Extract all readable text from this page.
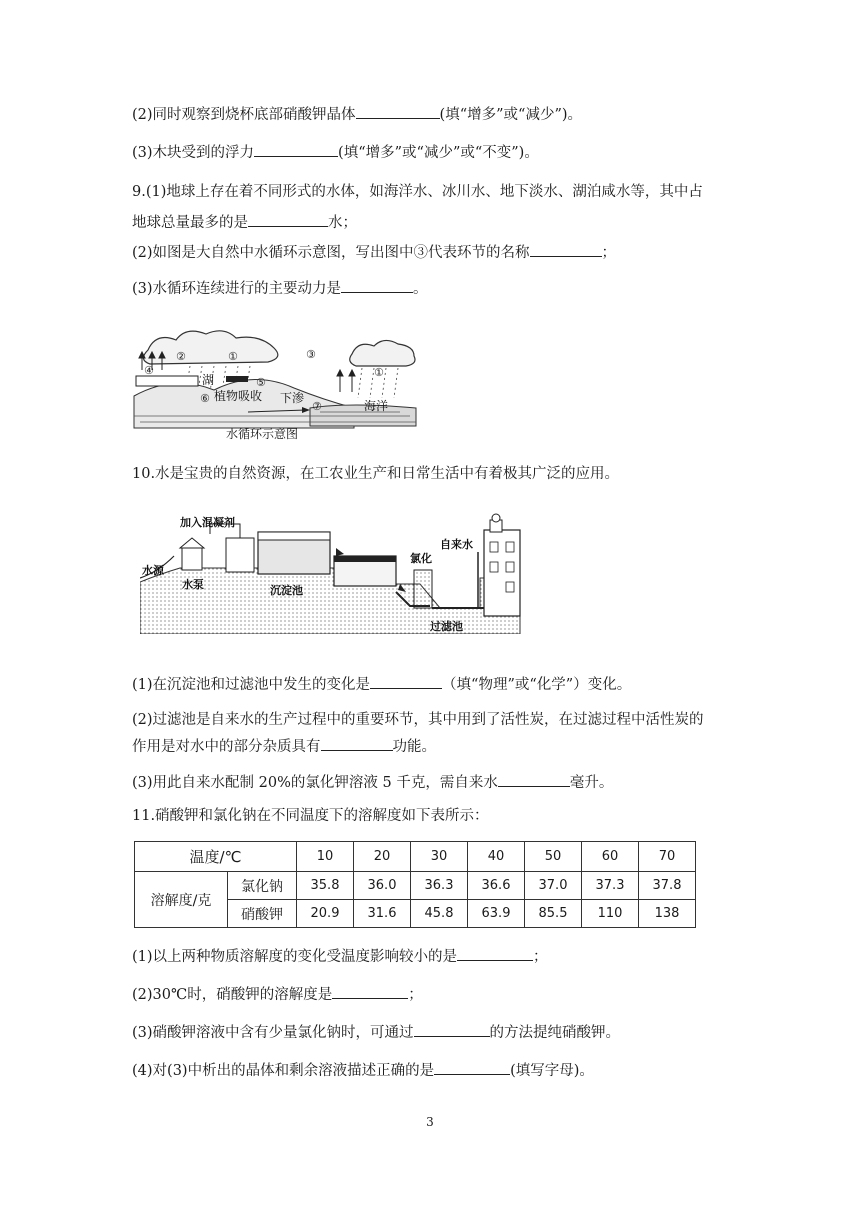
(2)同时观察到烧杯底部硝酸钾晶体	(填“增多”或“减少”)。
(3)木块受到的浮力	(填“增多”或“减少”或“不变”)。
9.(1)地球上存在着不同形式的水体，如海洋水、冰川水、地下淡水、湖泊咸水等，其中占
地球总量最多的是	水；
(2)如图是大自然中水循环示意图，写出图中③代表环节的名称	；
(3)水循环连续进行的主要动力是	。
②	①	③
①
④
⑤
⑥
⑦
湖
植物吸收 下渗
海洋
水循环示意图
10.水是宝贵的自然资源，在工农业生产和日常生活中有着极其广泛的应用。
加入混凝剂
水源
水泵	沉淀池
氯化
自来水
过滤池
(1)在沉淀池和过滤池中发生的变化是	（填“物理”或“化学”）变化。
(2)过滤池是自来水的生产过程中的重要环节，其中用到了活性炭，在过滤过程中活性炭的
作用是对水中的部分杂质具有	功能。
(3)用此自来水配制 20%的氯化钾溶液 5 千克，需自来水	毫升。
11.硝酸钾和氯化钠在不同温度下的溶解度如下表所示：
温度/℃		10	20	30	40	50	60	70
溶解度/克	氯化钠	35.8	36.0	36.3	36.6	37.0	37.3	37.8
	硝酸钾	20.9	31.6	45.8	63.9	85.5	110	138
(1)以上两种物质溶解度的变化受温度影响较小的是	；
(2)30℃时，硝酸钾的溶解度是	；
(3)硝酸钾溶液中含有少量氯化钠时，可通过	的方法提纯硝酸钾。
(4)对(3)中析出的晶体和剩余溶液描述正确的是	(填写字母)。
3
